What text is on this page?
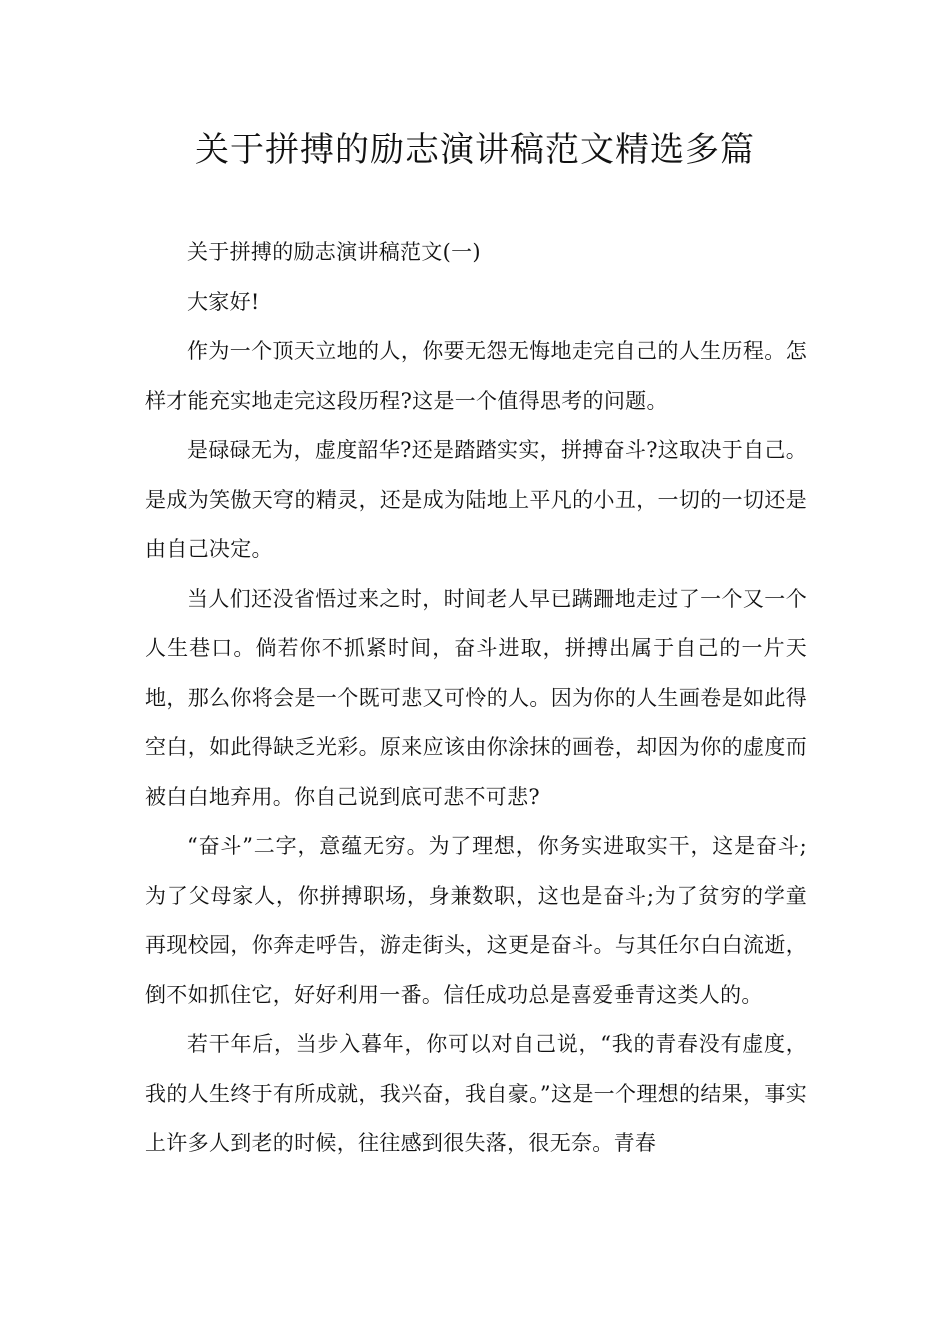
关于拼搏的励志演讲稿范文精选多篇

关于拼搏的励志演讲稿范文(一)

大家好!

作为一个顶天立地的人，你要无怨无悔地走完自己的人生历程。怎样才能充实地走完这段历程?这是一个值得思考的问题。

是碌碌无为，虚度韶华?还是踏踏实实，拼搏奋斗?这取决于自己。是成为笑傲天穹的精灵，还是成为陆地上平凡的小丑，一切的一切还是由自己决定。

当人们还没省悟过来之时，时间老人早已蹒跚地走过了一个又一个人生巷口。倘若你不抓紧时间，奋斗进取，拼搏出属于自己的一片天地，那么你将会是一个既可悲又可怜的人。因为你的人生画卷是如此得空白，如此得缺乏光彩。原来应该由你涂抹的画卷，却因为你的虚度而被白白地弃用。你自己说到底可悲不可悲?

“奋斗”二字，意蕴无穷。为了理想，你务实进取实干，这是奋斗;为了父母家人，你拼搏职场，身兼数职，这也是奋斗;为了贫穷的学童再现校园，你奔走呼告，游走街头，这更是奋斗。与其任尔白白流逝，倒不如抓住它，好好利用一番。信任成功总是喜爱垂青这类人的。

若干年后，当步入暮年，你可以对自己说，“我的青春没有虚度，我的人生终于有所成就，我兴奋，我自豪。”这是一个理想的结果，事实上许多人到老的时候，往往感到很失落，很无奈。青春
